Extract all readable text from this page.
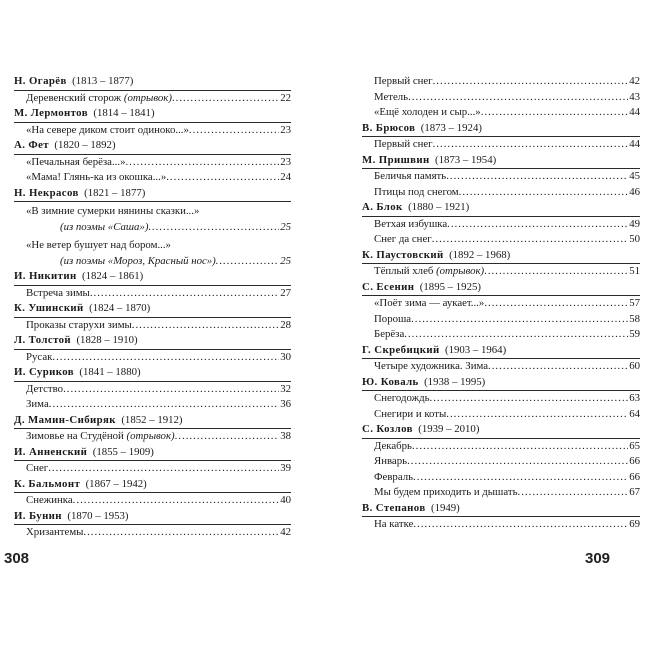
Н. Огарёв (1813 – 1877)
Деревенский сторож (отрывок) .....	22
М. Лермонтов (1814 – 1841)
«На севере диком стоит одиноко...» .....	23
А. Фет (1820 – 1892)
«Печальная берёза...» .....	23
«Мама! Глянь-ка из окошка...» .....	24
Н. Некрасов (1821 – 1877)
«В зимние сумерки нянины сказки...»
(из поэмы «Саша») .....	25
«Не ветер бушует над бором...»
(из поэмы «Мороз, Красный нос») .....	25
И. Никитин (1824 – 1861)
Встреча зимы .....	27
К. Ушинский (1824 – 1870)
Проказы старухи зимы .....	28
Л. Толстой (1828 – 1910)
Русак .....	30
И. Суриков (1841 – 1880)
Детство .....	32
Зима .....	36
Д. Мамин-Сибиряк (1852 – 1912)
Зимовье на Студёной (отрывок) .....	38
И. Анненский (1855 – 1909)
Снег .....	39
К. Бальмонт (1867 – 1942)
Снежинка .....	40
И. Бунин (1870 – 1953)
Хризантемы .....	42
Первый снег .....	42
Метель .....	43
«Ещё холоден и сыр...» .....	44
В. Брюсов (1873 – 1924)
Первый снег .....	44
М. Пришвин (1873 – 1954)
Беличья память .....	45
Птицы под снегом .....	46
А. Блок (1880 – 1921)
Ветхая избушка .....	49
Снег да снег .....	50
К. Паустовский (1892 – 1968)
Тёплый хлеб (отрывок) .....	51
С. Есенин (1895 – 1925)
«Поёт зима — аукает...» .....	57
Пороша .....	58
Берёза .....	59
Г. Скребицкий (1903 – 1964)
Четыре художника. Зима .....	60
Ю. Коваль (1938 – 1995)
Снегодождь .....	63
Снегири и коты .....	64
С. Козлов (1939 – 2010)
Декабрь .....	65
Январь .....	66
Февраль .....	66
Мы будем приходить и дышать .....	67
В. Степанов (1949)
На катке .....	69
308	309
